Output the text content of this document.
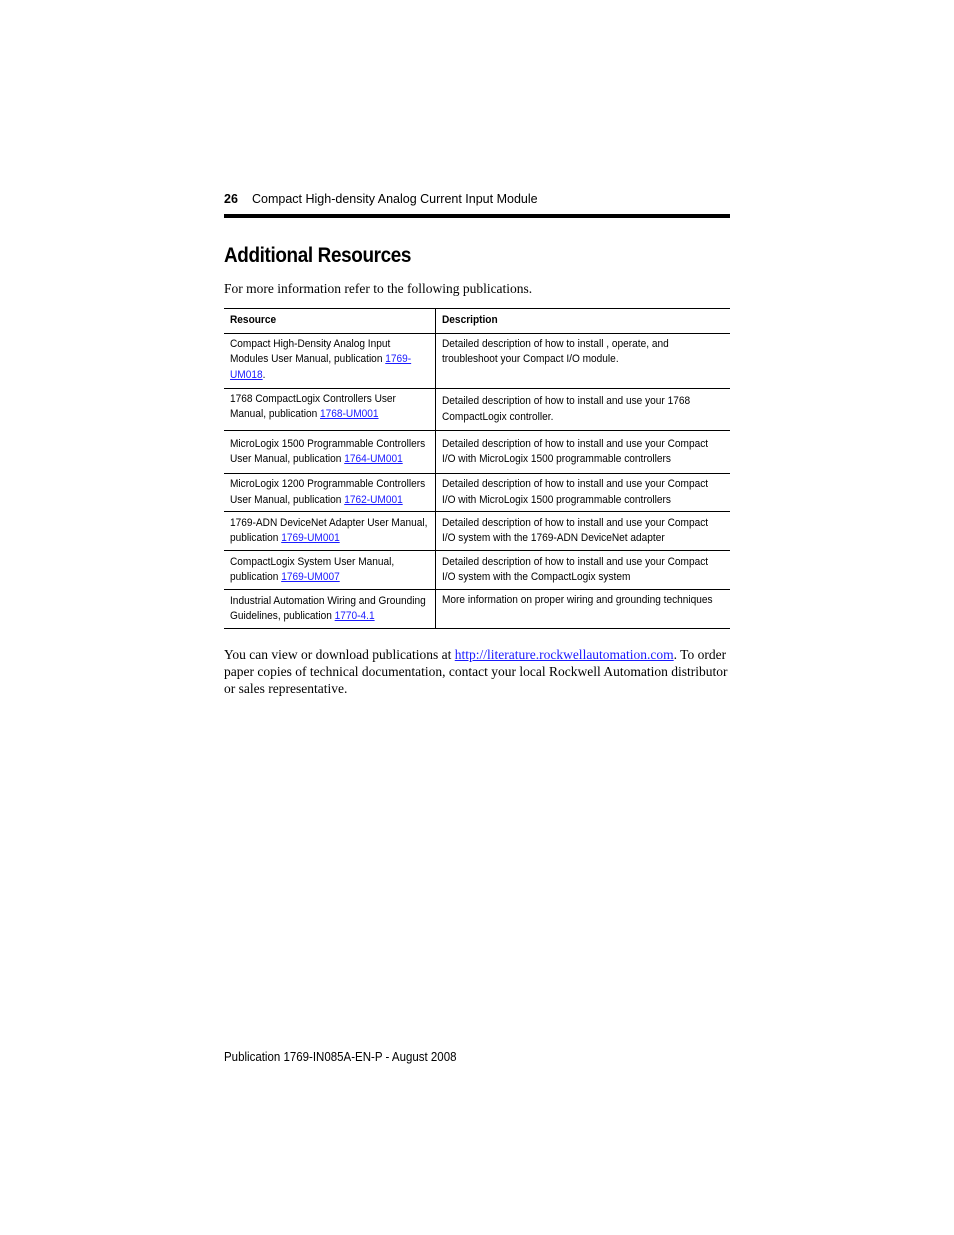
26 Compact High-density Analog Current Input Module
Additional Resources

For more information refer to the following publications.

Resource	Description

Compact High-Density Analog Input Modules User Manual, publication 1769-UM018.	Detailed description of how to install , operate, and troubleshoot your Compact I/O module.

1768 CompactLogix Controllers User Manual, publication 1768-UM001	Detailed description of how to install and use your 1768 CompactLogix controller.

MicroLogix 1500 Programmable Controllers User Manual, publication 1764-UM001	Detailed description of how to install and use your Compact I/O with MicroLogix 1500 programmable controllers

MicroLogix 1200 Programmable Controllers User Manual, publication 1762-UM001	Detailed description of how to install and use your Compact I/O with MicroLogix 1500 programmable controllers

1769-ADN DeviceNet Adapter User Manual, publication 1769-UM001	Detailed description of how to install and use your Compact I/O system with the 1769-ADN DeviceNet adapter

CompactLogix System User Manual, publication 1769-UM007	Detailed description of how to install and use your Compact I/O system with the CompactLogix system

Industrial Automation Wiring and Grounding Guidelines, publication 1770-4.1	More information on proper wiring and grounding techniques

You can view or download publications at http://literature.rockwellautomation.com. To order paper copies of technical documentation, contact your local Rockwell Automation distributor or sales representative.

Publication 1769-IN085A-EN-P - August 2008
